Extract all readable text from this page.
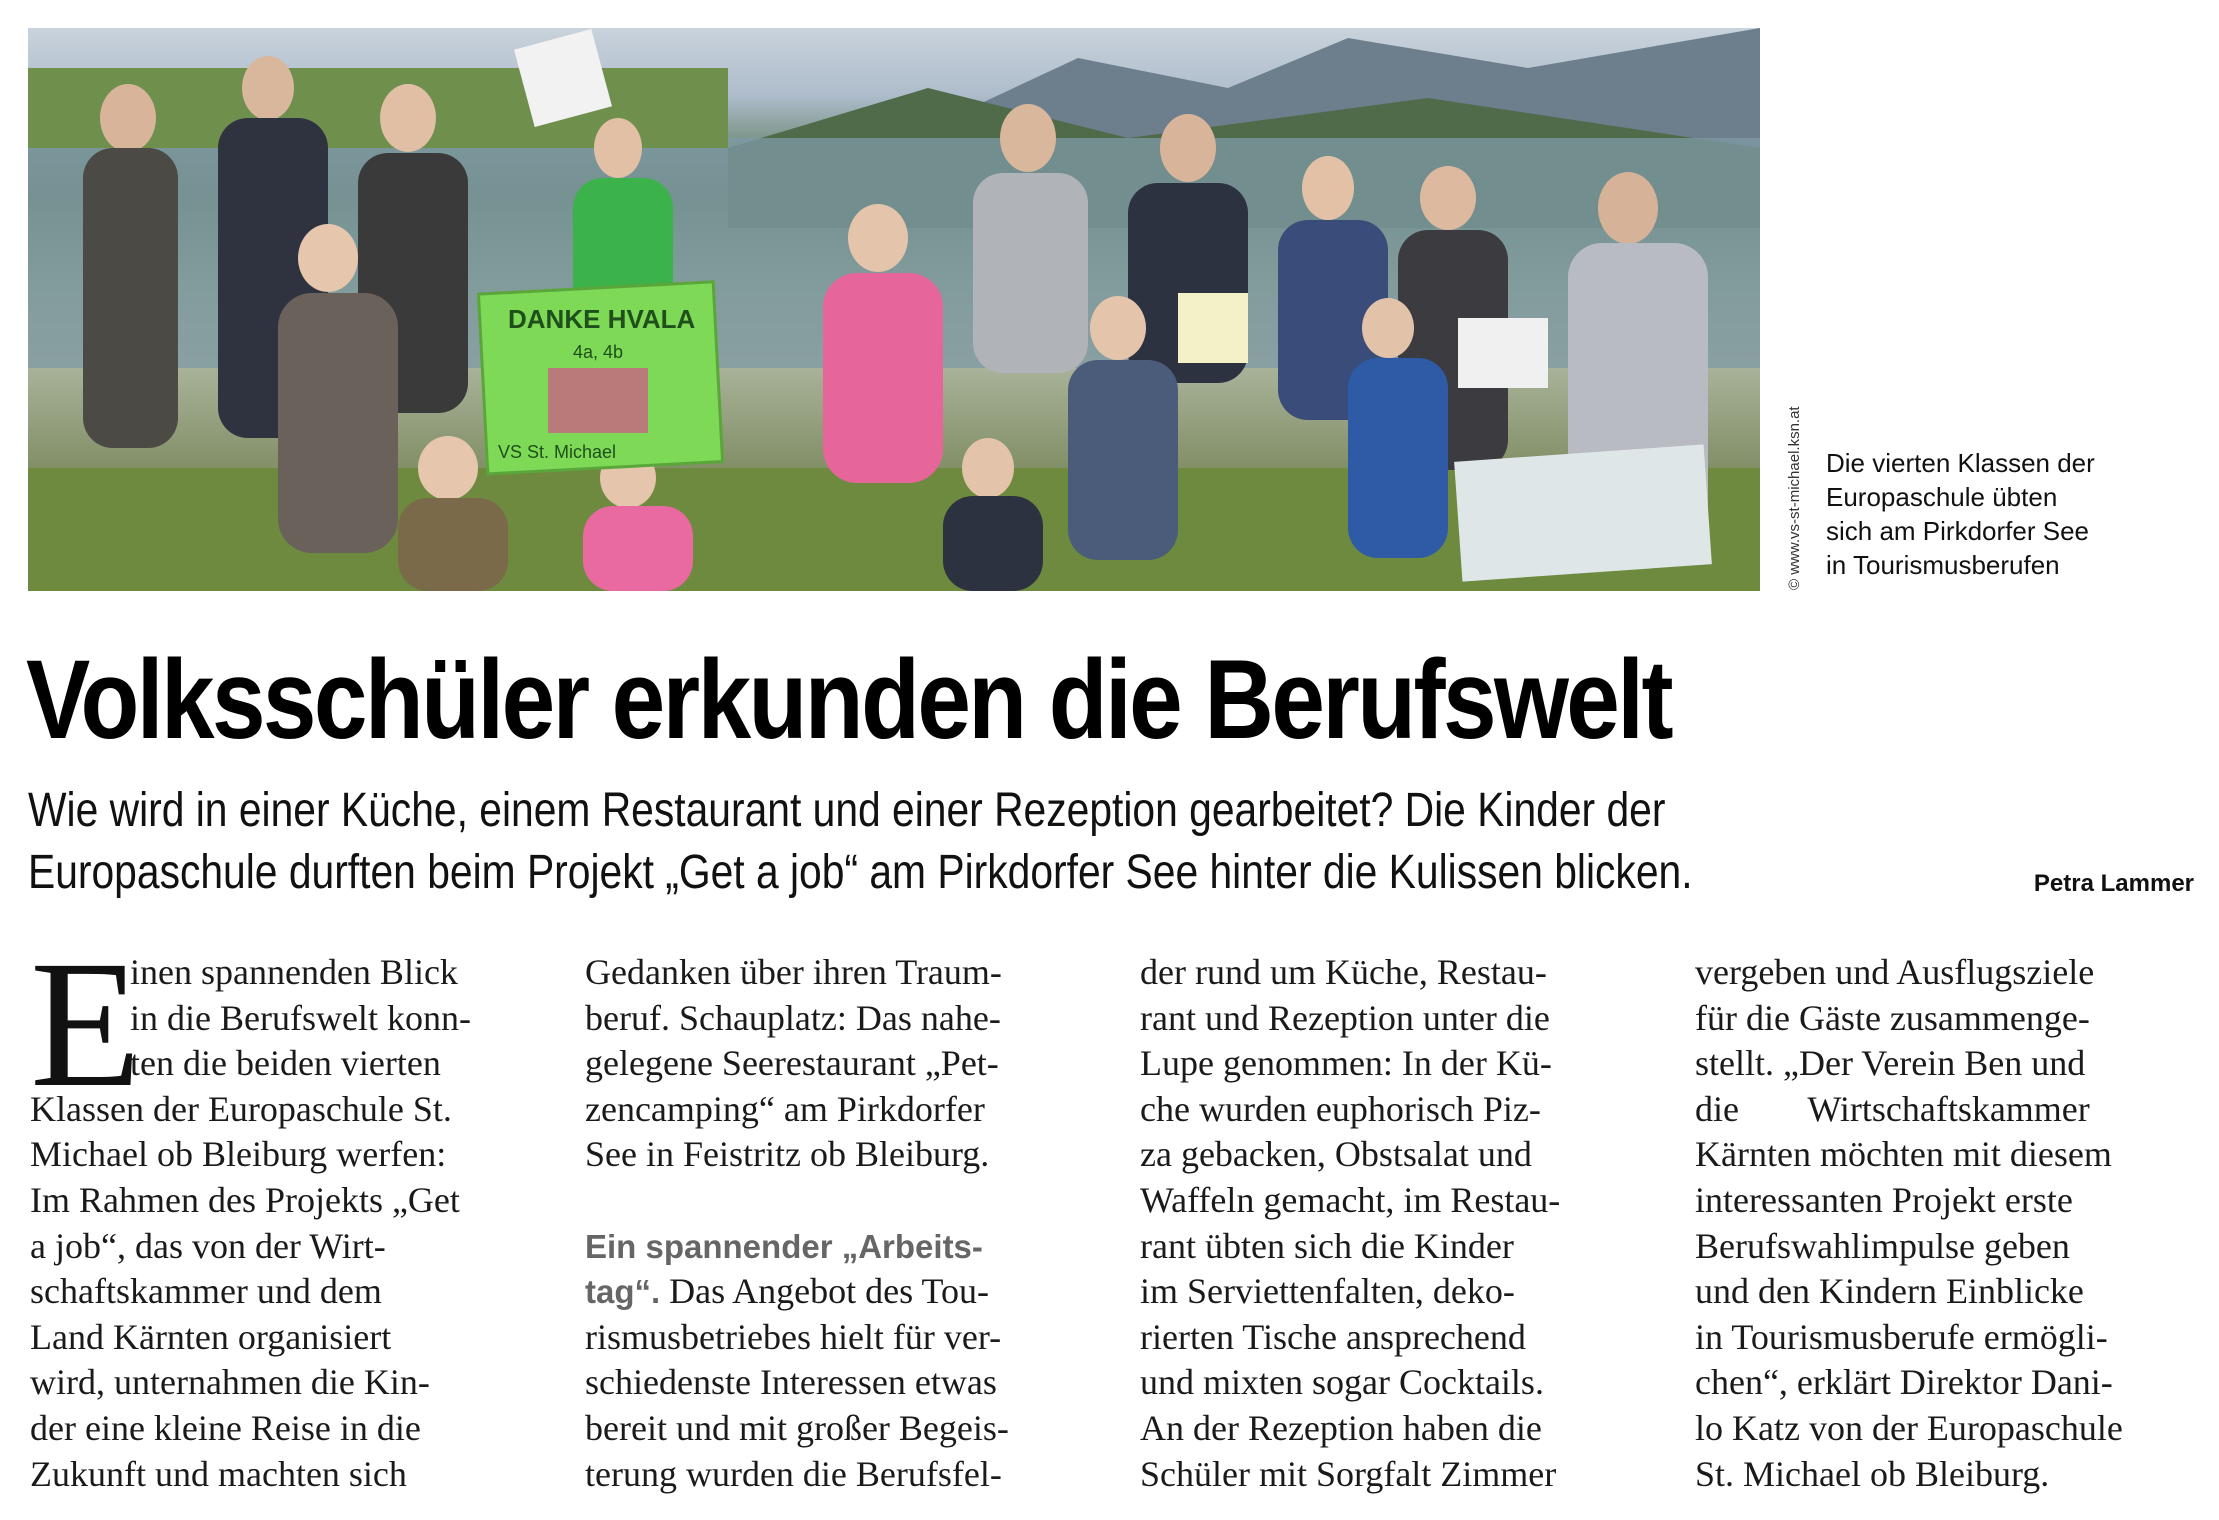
DANKE HVALA
4a, 4b
VS St. Michael	© www.vs-st-michael.ksn.at Die vierten Klassen der
Europaschule übten
sich am Pirkdorfer See
in Tourismusberufen
Volksschüler erkunden die Berufswelt
Wie wird in einer Küche, einem Restaurant und einer Rezeption gearbeitet? Die Kinder der
Europaschule durften beim Projekt „Get a job“ am Pirkdorfer See hinter die Kulissen blicken.	Petra Lammer
E
inen spannenden Blick
in die Berufswelt konn-
ten die beiden vierten
Klassen der Europaschule St.
Michael ob Bleiburg werfen:
Im Rahmen des Projekts „Get
a job“, das von der Wirt-
schaftskammer und dem
Land Kärnten organisiert
wird, unternahmen die Kin-
der eine kleine Reise in die
Zukunft und machten sich
Gedanken über ihren Traum-
beruf. Schauplatz: Das nahe-
gelegene Seerestaurant „Pet-
zencamping“ am Pirkdorfer
See in Feistritz ob Bleiburg.
Ein spannender „Arbeits-
tag“. Das Angebot des Tou-
rismusbetriebes hielt für ver-
schiedenste Interessen etwas
bereit und mit großer Begeis-
terung wurden die Berufsfel-
der rund um Küche, Restau-
rant und Rezeption unter die
Lupe genommen: In der Kü-
che wurden euphorisch Piz-
za gebacken, Obstsalat und
Waffeln gemacht, im Restau-
rant übten sich die Kinder
im Serviettenfalten, deko-
rierten Tische ansprechend
und mixten sogar Cocktails.
An der Rezeption haben die
Schüler mit Sorgfalt Zimmer
vergeben und Ausflugsziele
für die Gäste zusammenge-
stellt. „Der Verein Ben und
die Wirtschaftskammer
Kärnten möchten mit diesem
interessanten Projekt erste
Berufswahlimpulse geben
und den Kindern Einblicke
in Tourismusberufe ermögli-
chen“, erklärt Direktor Dani-
lo Katz von der Europaschule
St. Michael ob Bleiburg.
